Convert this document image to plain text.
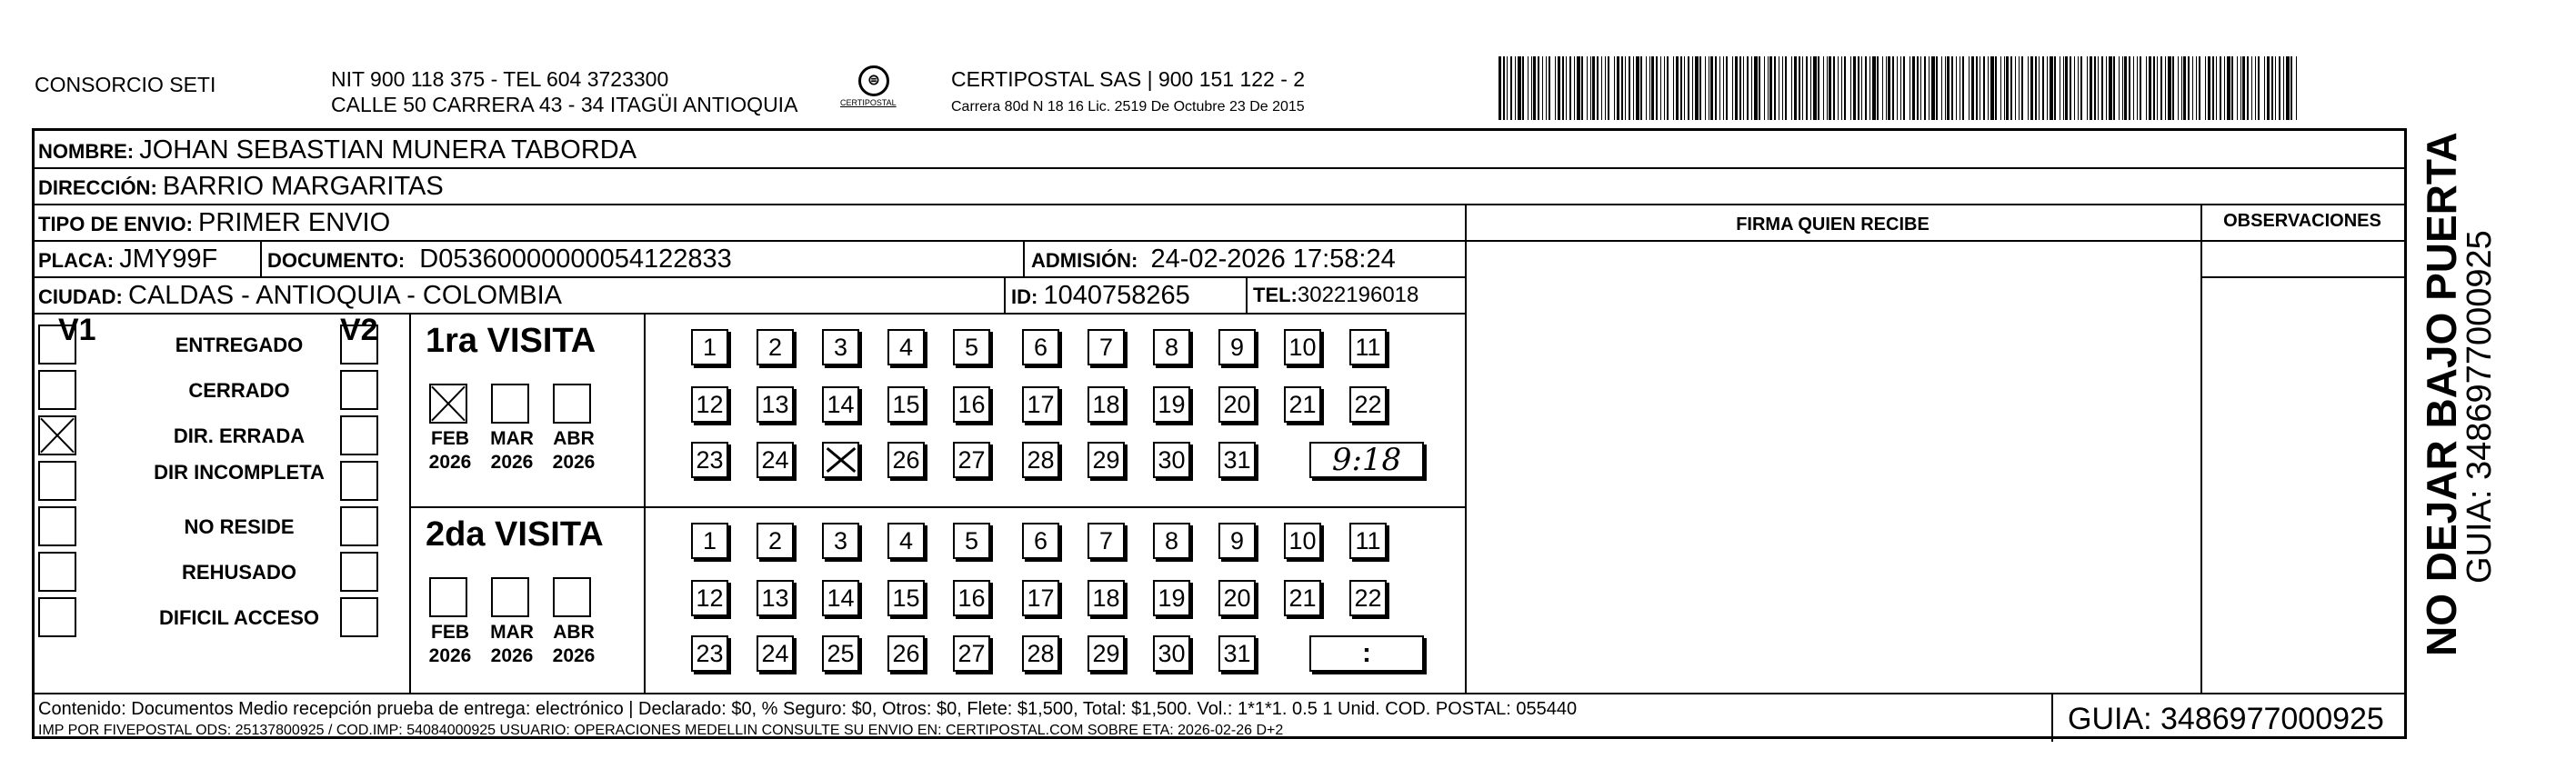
CONSORCIO SETI	NIT 900 118 375 - TEL 604 3723300
CALLE 50 CARRERA 43 - 34 ITAGÜI ANTIOQUIA
⊜
CERTIPOSTAL
CERTIPOSTAL SAS | 900 151 122 - 2
Carrera 80d N 18 16 Lic. 2519 De Octubre 23 De 2015
NOMBRE: JOHAN SEBASTIAN MUNERA TABORDA
DIRECCIÓN: BARRIO MARGARITAS
TIPO DE ENVIO: PRIMER ENVIO	FIRMA QUIEN RECIBE	OBSERVACIONES
PLACA: JMY99F DOCUMENTO: D05360000000054122833	ADMISIÓN: 24-02-2026 17:58:24
CIUDAD: CALDAS - ANTIOQUIA - COLOMBIA	ID: 1040758265	TEL:3022196018
V1	V2
ENTREGADO
CERRADO
DIR. ERRADA
DIR INCOMPLETA
NO RESIDE
REHUSADO
DIFICIL ACCESO
1ra VISITA
FEB
2026
MAR
2026
ABR
2026
1	2	3	4	5	6	7	8	9	10 11
12 13 14 15 16 17 18 19 20 21 22
23 24	26 27 28 29 30 31	9:18
2da VISITA
FEB
2026
MAR
2026
ABR
2026
1	2	3	4	5	6	7	8	9	10 11
12 13 14 15 16 17 18 19 20 21 22
23 24 25 26 27 28 29 30 31	:
Contenido: Documentos Medio recepción prueba de entrega: electrónico | Declarado: $0, % Seguro: $0, Otros: $0, Flete: $1,500, Total: $1,500. Vol.: 1*1*1. 0.5 1 Unid. COD. POSTAL: 055440
IMP POR FIVEPOSTAL ODS: 25137800925 / COD.IMP: 54084000925 USUARIO: OPERACIONES MEDELLIN CONSULTE SU ENVIO EN: CERTIPOSTAL.COM SOBRE ETA: 2026-02-26 D+2	GUIA: 3486977000925
NO DEJAR BAJO PUERTA
GUIA: 3486977000925
